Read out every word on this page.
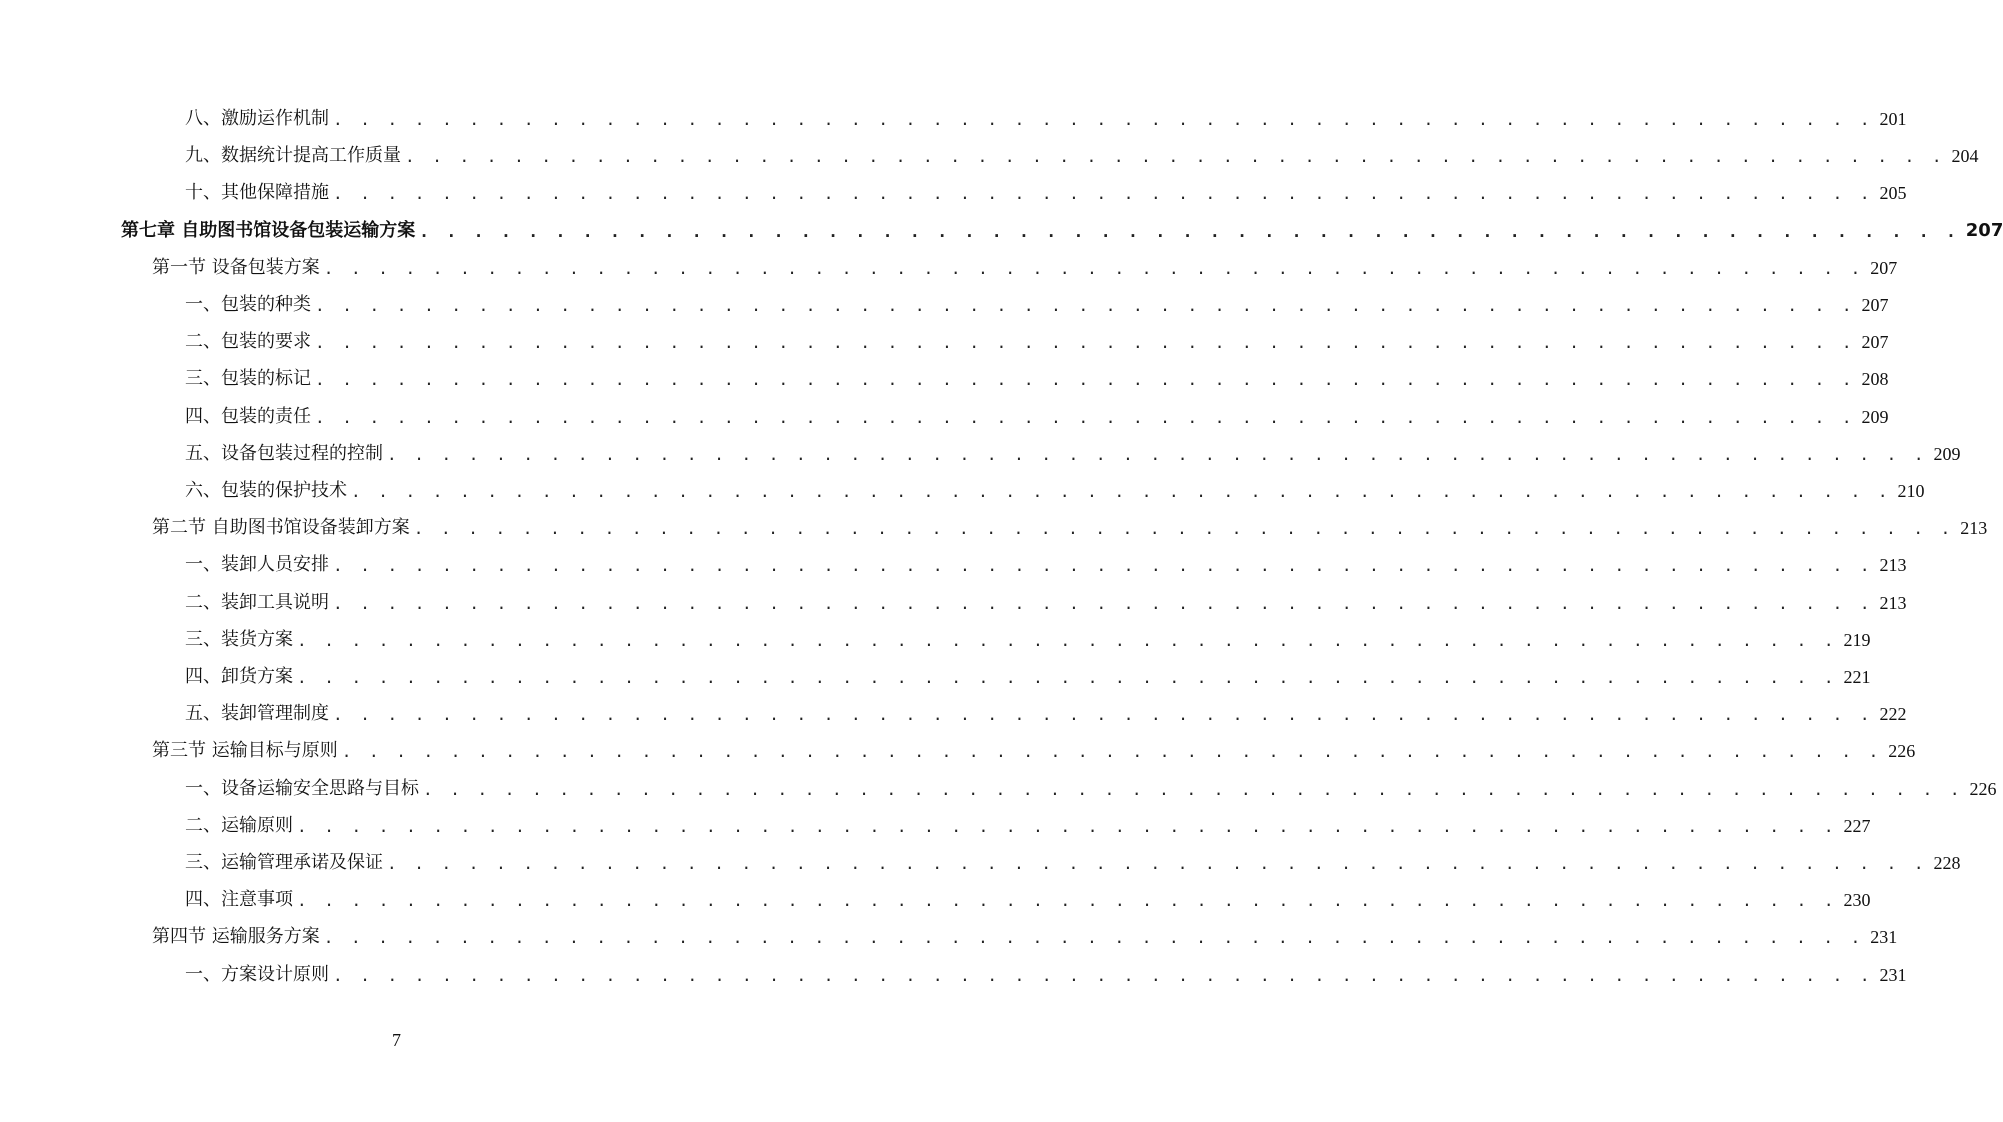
八、激励运作机制 . . . . . . . . . . . . . . . . . . . . . . . . . . . . . . . . . . . . . . . . . . . . . . . . . . . . . . . . . 201
九、数据统计提高工作质量 . . . . . . . . . . . . . . . . . . . . . . . . . . . . . . . . . . . . . . . . . . . . . . . . . . . . . . . . . 204
十、其他保障措施 . . . . . . . . . . . . . . . . . . . . . . . . . . . . . . . . . . . . . . . . . . . . . . . . . . . . . . . . . 205
第七章 自助图书馆设备包装运输方案 . . . . . . . . . . . . . . . . . . . . . . . . . . . . . . . . . . . . . . . . . . . . . . . . . . . . . . . . . 207
第一节 设备包装方案 . . . . . . . . . . . . . . . . . . . . . . . . . . . . . . . . . . . . . . . . . . . . . . . . . . . . . . . . . 207
一、包装的种类 . . . . . . . . . . . . . . . . . . . . . . . . . . . . . . . . . . . . . . . . . . . . . . . . . . . . . . . . . 207
二、包装的要求 . . . . . . . . . . . . . . . . . . . . . . . . . . . . . . . . . . . . . . . . . . . . . . . . . . . . . . . . . 207
三、包装的标记 . . . . . . . . . . . . . . . . . . . . . . . . . . . . . . . . . . . . . . . . . . . . . . . . . . . . . . . . . 208
四、包装的责任 . . . . . . . . . . . . . . . . . . . . . . . . . . . . . . . . . . . . . . . . . . . . . . . . . . . . . . . . . 209
五、设备包装过程的控制 . . . . . . . . . . . . . . . . . . . . . . . . . . . . . . . . . . . . . . . . . . . . . . . . . . . . . . . . . 209
六、包装的保护技术 . . . . . . . . . . . . . . . . . . . . . . . . . . . . . . . . . . . . . . . . . . . . . . . . . . . . . . . . . 210
第二节 自助图书馆设备装卸方案 . . . . . . . . . . . . . . . . . . . . . . . . . . . . . . . . . . . . . . . . . . . . . . . . . . . . . . . . . 213
一、装卸人员安排 . . . . . . . . . . . . . . . . . . . . . . . . . . . . . . . . . . . . . . . . . . . . . . . . . . . . . . . . . 213
二、装卸工具说明 . . . . . . . . . . . . . . . . . . . . . . . . . . . . . . . . . . . . . . . . . . . . . . . . . . . . . . . . . 213
三、装货方案 . . . . . . . . . . . . . . . . . . . . . . . . . . . . . . . . . . . . . . . . . . . . . . . . . . . . . . . . . 219
四、卸货方案 . . . . . . . . . . . . . . . . . . . . . . . . . . . . . . . . . . . . . . . . . . . . . . . . . . . . . . . . . 221
五、装卸管理制度 . . . . . . . . . . . . . . . . . . . . . . . . . . . . . . . . . . . . . . . . . . . . . . . . . . . . . . . . . 222
第三节 运输目标与原则 . . . . . . . . . . . . . . . . . . . . . . . . . . . . . . . . . . . . . . . . . . . . . . . . . . . . . . . . . 226
一、设备运输安全思路与目标 . . . . . . . . . . . . . . . . . . . . . . . . . . . . . . . . . . . . . . . . . . . . . . . . . . . . . . . . . 226
二、运输原则 . . . . . . . . . . . . . . . . . . . . . . . . . . . . . . . . . . . . . . . . . . . . . . . . . . . . . . . . . 227
三、运输管理承诺及保证 . . . . . . . . . . . . . . . . . . . . . . . . . . . . . . . . . . . . . . . . . . . . . . . . . . . . . . . . . 228
四、注意事项 . . . . . . . . . . . . . . . . . . . . . . . . . . . . . . . . . . . . . . . . . . . . . . . . . . . . . . . . . 230
第四节 运输服务方案 . . . . . . . . . . . . . . . . . . . . . . . . . . . . . . . . . . . . . . . . . . . . . . . . . . . . . . . . . 231
一、方案设计原则 . . . . . . . . . . . . . . . . . . . . . . . . . . . . . . . . . . . . . . . . . . . . . . . . . . . . . . . . . 231
7
